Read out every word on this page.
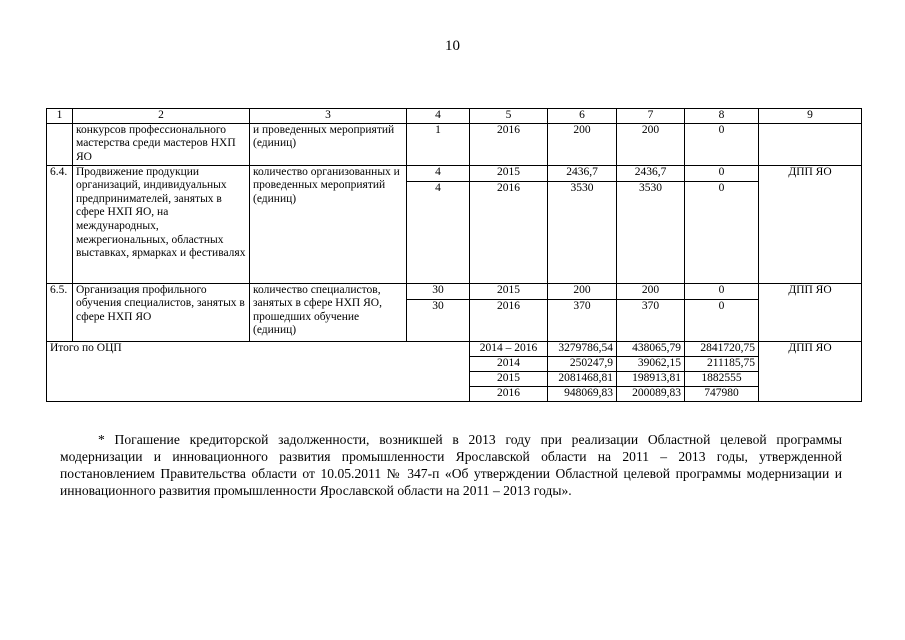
10
1	2	3	4	5	6	7	8	9
	конкурсов профессионального мастерства среди мастеров НХП ЯО	и проведенных мероприятий (единиц)	1	2016	200	200	0	
6.4.	Продвижение продукции организаций, индивидуальных предпринимателей, занятых в сфере НХП ЯО, на международных, межрегиональных, областных выставках, ярмарках и фестивалях	количество организованных и проведенных мероприятий (единиц)	4	2015	2436,7	2436,7	0	ДПП ЯО
			4	2016	3530	3530	0	
6.5.	Организация профильного обучения специалистов, занятых в сфере НХП ЯО	количество специалистов, занятых в сфере НХП ЯО, прошедших обучение (единиц)	30	2015	200	200	0	ДПП ЯО
			30	2016	370	370	0	
Итого по ОЦП				2014 – 2016	3279786,54	438065,79	2841720,75	ДПП ЯО
				2014	250247,9	39062,15	211185,75	
				2015	2081468,81	198913,81	1882555	
				2016	948069,83	200089,83	747980	
* Погашение кредиторской задолженности, возникшей в 2013 году при реализации Областной целевой программы модернизации и инновационного развития промышленности Ярославской области на 2011 – 2013 годы, утвержденной постановлением Правительства области от 10.05.2011 № 347-п «Об утверждении Областной целевой программы модернизации и инновационного развития промышленности Ярославской области на 2011 – 2013 годы».
